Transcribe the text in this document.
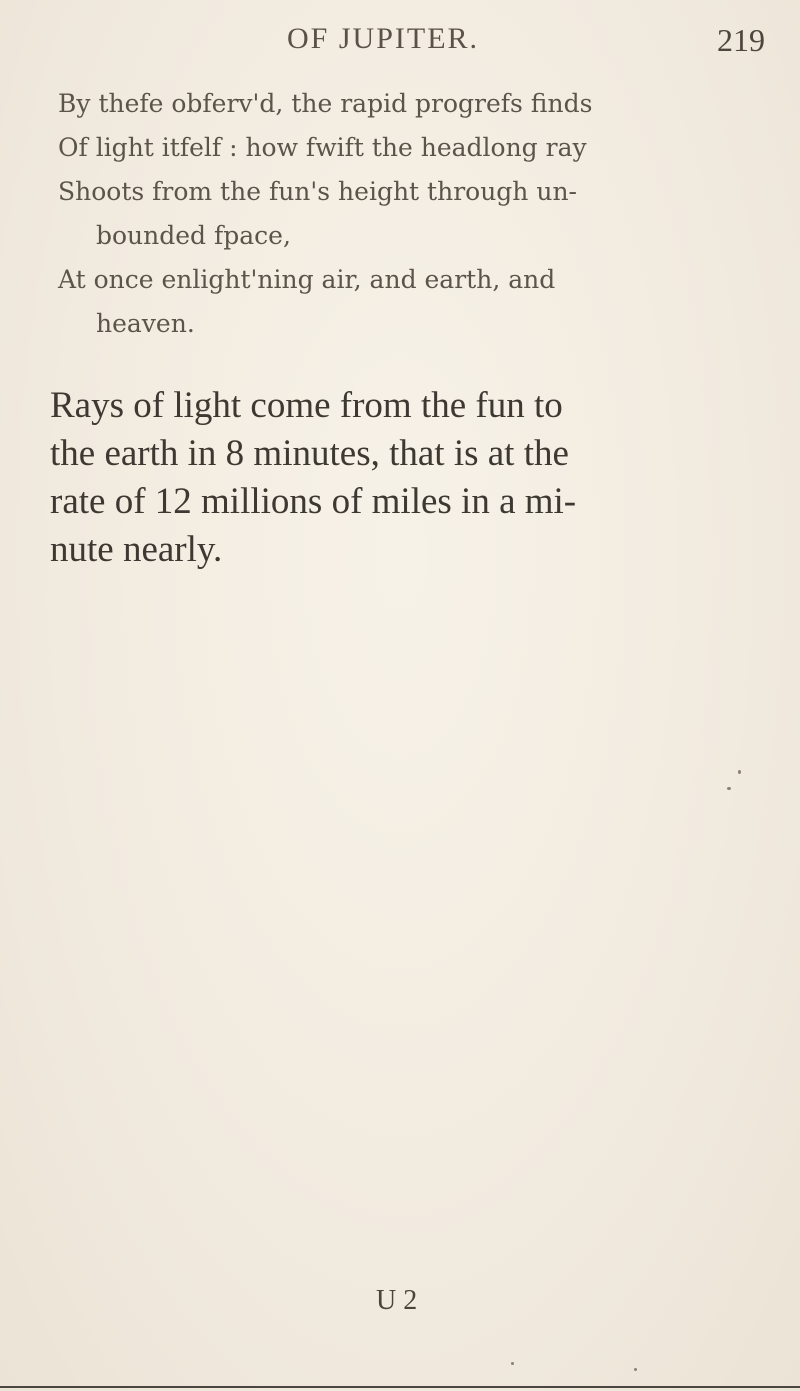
OF JUPITER.	219
By thefe obferv'd, the rapid progrefs finds
Of light itfelf : how fwift the headlong ray
Shoots from the fun's height through un-
bounded fpace,
At once enlight'ning air, and earth, and
heaven.
Rays of light come from the fun to
the earth in 8 minutes, that is at the
rate of 12 millions of miles in a mi-
nute nearly.
U 2
